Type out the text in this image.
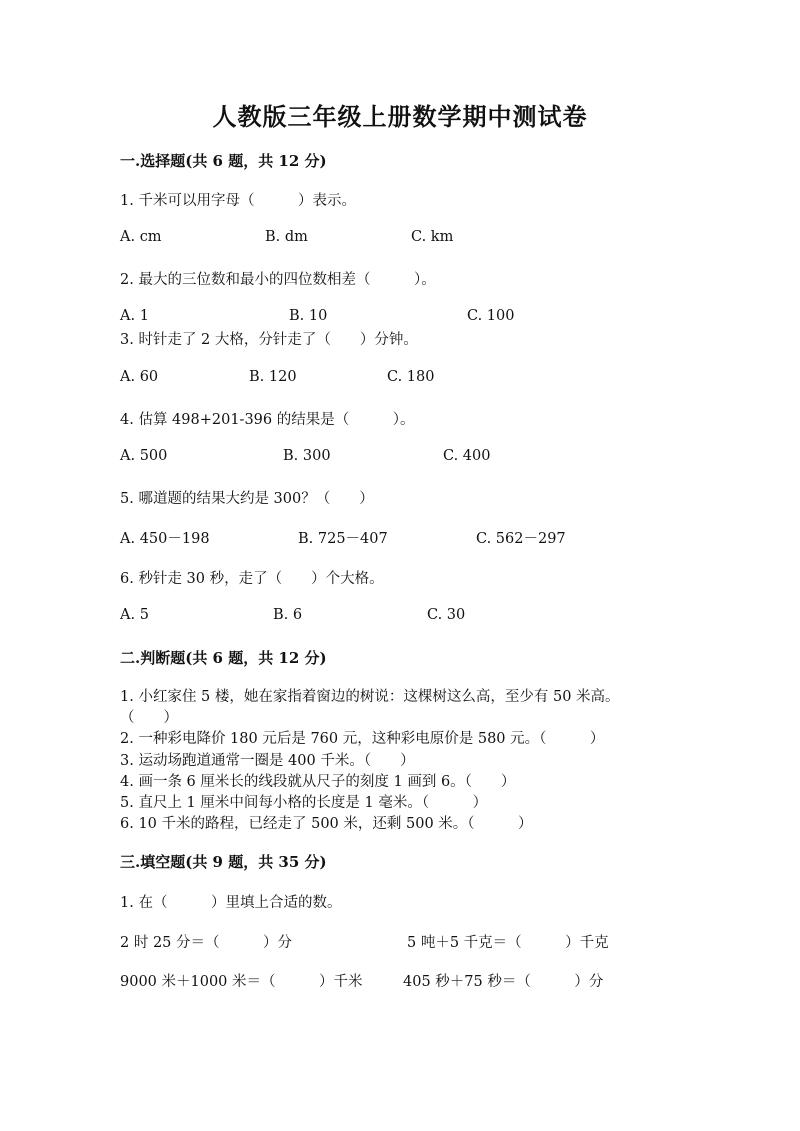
人教版三年级上册数学期中测试卷
一.选择题(共 6 题，共 12 分)
1. 千米可以用字母（　　　）表示。
A. cm	B. dm	C. km
2. 最大的三位数和最小的四位数相差（　　　）。
A. 1	B. 10	C. 100
3. 时针走了 2 大格，分针走了（　　）分钟。
A. 60	B. 120	C. 180
4. 估算 498+201-396 的结果是（　　　）。
A. 500	B. 300	C. 400
5. 哪道题的结果大约是 300？（　　）
A. 450－198	B. 725－407	C. 562－297
6. 秒针走 30 秒，走了（　　）个大格。
A. 5	B. 6	C. 30
二.判断题(共 6 题，共 12 分)
1. 小红家住 5 楼，她在家指着窗边的树说：这棵树这么高，至少有 50 米高。
（　　）
2. 一种彩电降价 180 元后是 760 元，这种彩电原价是 580 元。（　　　）
3. 运动场跑道通常一圈是 400 千米。（　　）
4. 画一条 6 厘米长的线段就从尺子的刻度 1 画到 6。（　　）
5. 直尺上 1 厘米中间每小格的长度是 1 毫米。（　　　）
6. 10 千米的路程，已经走了 500 米，还剩 500 米。（　　　）
三.填空题(共 9 题，共 35 分)
1. 在（　　　）里填上合适的数。
2 时 25 分＝（　　　）分	5 吨＋5 千克＝（　　　）千克
9000 米＋1000 米＝（　　　）千米	405 秒＋75 秒＝（　　　）分
